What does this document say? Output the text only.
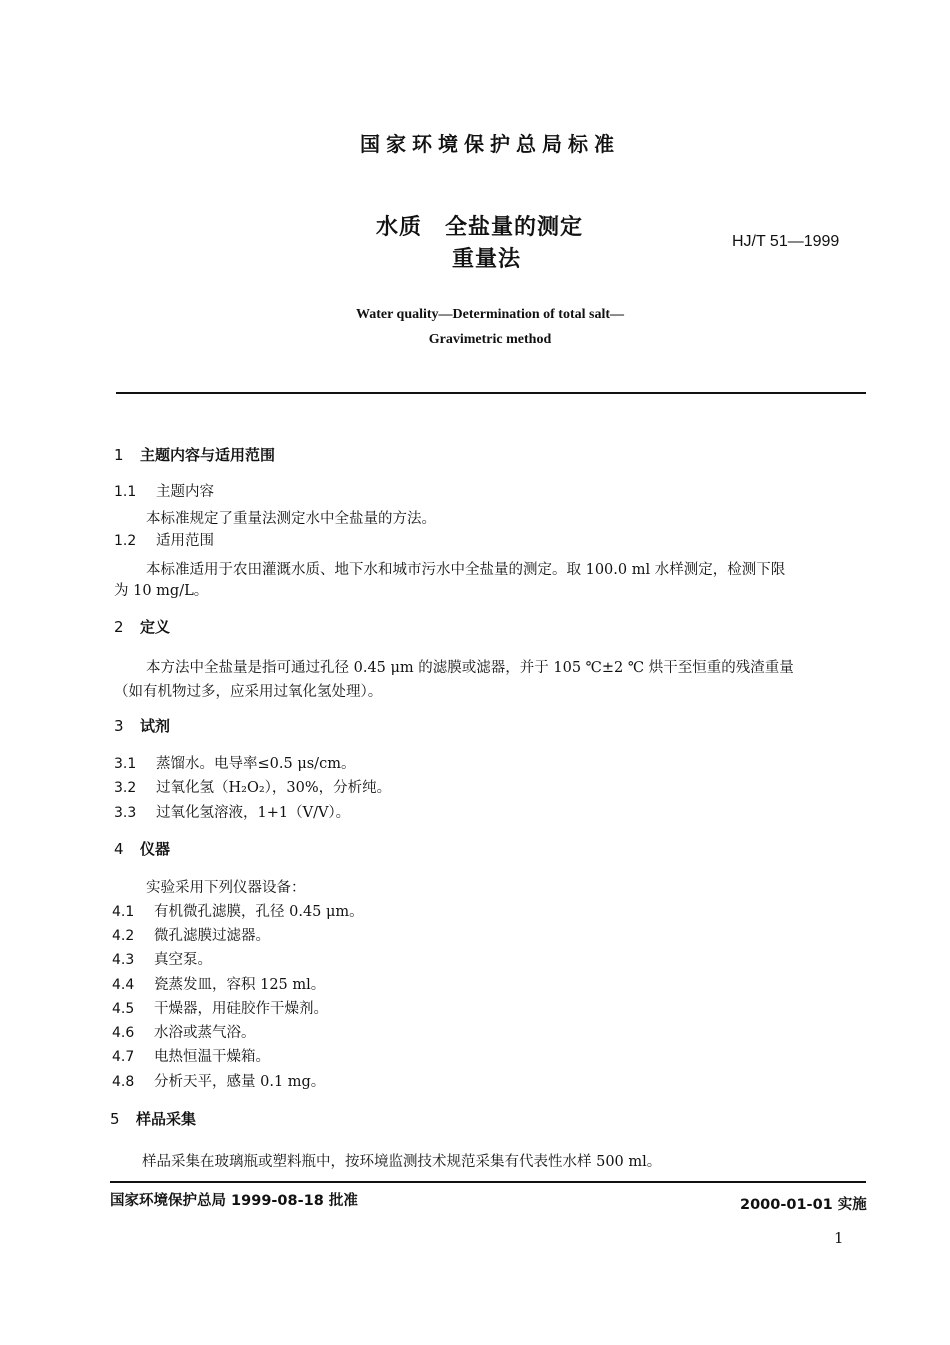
国家环境保护总局标准
水质　全盐量的测定
重量法
HJ/T 51—1999
Water quality—Determination of total salt—
Gravimetric method
1 主题内容与适用范围
1.1 主题内容
本标准规定了重量法测定水中全盐量的方法。
1.2 适用范围
本标准适用于农田灌溉水质、地下水和城市污水中全盐量的测定。取 100.0 ml 水样测定，检测下限
为 10 mg/L。
2 定义
本方法中全盐量是指可通过孔径 0.45 μm 的滤膜或滤器，并于 105 ℃±2 ℃ 烘干至恒重的残渣重量
（如有机物过多，应采用过氧化氢处理）。
3 试剂
3.1 蒸馏水。电导率≤0.5 μs/cm。
3.2 过氧化氢（H₂O₂），30%，分析纯。
3.3 过氧化氢溶液，1+1（V/V）。
4 仪器
实验采用下列仪器设备：
4.1 有机微孔滤膜，孔径 0.45 μm。
4.2 微孔滤膜过滤器。
4.3 真空泵。
4.4 瓷蒸发皿，容积 125 ml。
4.5 干燥器，用硅胶作干燥剂。
4.6 水浴或蒸气浴。
4.7 电热恒温干燥箱。
4.8 分析天平，感量 0.1 mg。
5 样品采集
样品采集在玻璃瓶或塑料瓶中，按环境监测技术规范采集有代表性水样 500 ml。
国家环境保护总局 1999-08-18 批准	2000-01-01 实施
1
